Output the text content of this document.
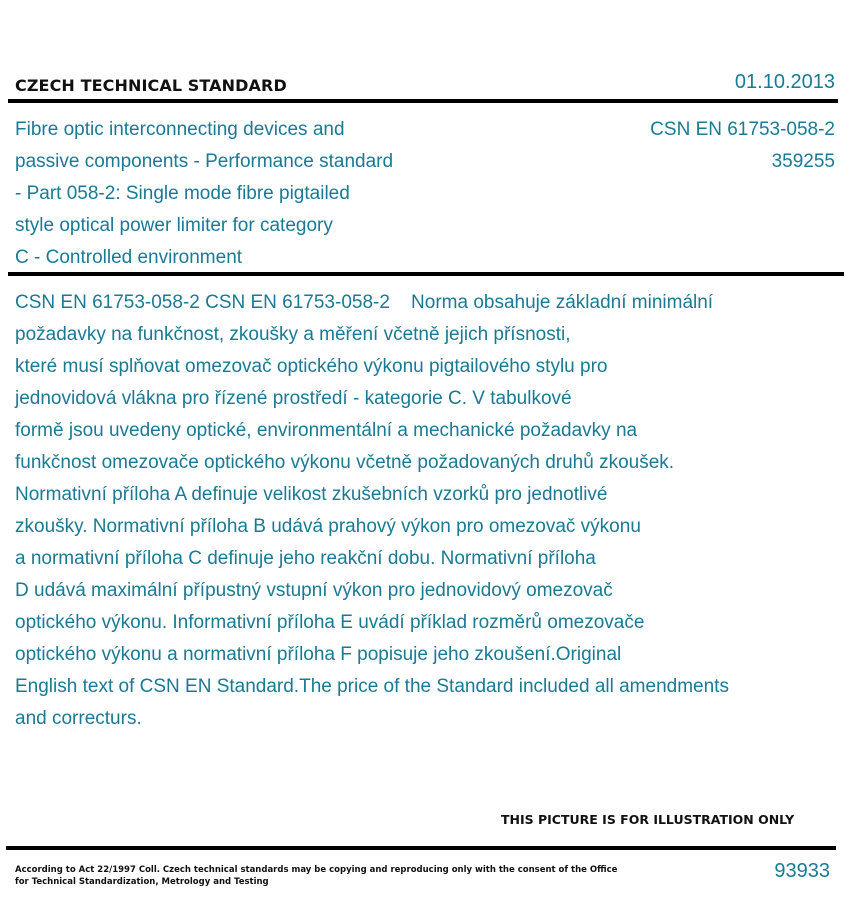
CZECH TECHNICAL STANDARD	01.10.2013
Fibre optic interconnecting devices and
passive components - Performance standard
- Part 058-2: Single mode fibre pigtailed
style optical power limiter for category
C - Controlled environment
CSN EN 61753-058-2
359255
CSN EN 61753-058-2 CSN EN 61753-058-2    Norma obsahuje základní minimální
požadavky na funkčnost, zkoušky a měření včetně jejich přísnosti,
které musí splňovat omezovač optického výkonu pigtailového stylu pro
jednovidová vlákna pro řízené prostředí - kategorie C. V tabulkové
formě jsou uvedeny optické, environmentální a mechanické požadavky na
funkčnost omezovače optického výkonu včetně požadovaných druhů zkoušek.
Normativní příloha A definuje velikost zkušebních vzorků pro jednotlivé
zkoušky. Normativní příloha B udává prahový výkon pro omezovač výkonu
a normativní příloha C definuje jeho reakční dobu. Normativní příloha
D udává maximální přípustný vstupní výkon pro jednovidový omezovač
optického výkonu. Informativní příloha E uvádí příklad rozměrů omezovače
optického výkonu a normativní příloha F popisuje jeho zkoušení.Original
English text of CSN EN Standard.The price of the Standard included all amendments
and correcturs.
THIS PICTURE IS FOR ILLUSTRATION ONLY
According to Act 22/1997 Coll. Czech technical standards may be copying and reproducing only with the consent of the Office
for Technical Standardization, Metrology and Testing	93933
